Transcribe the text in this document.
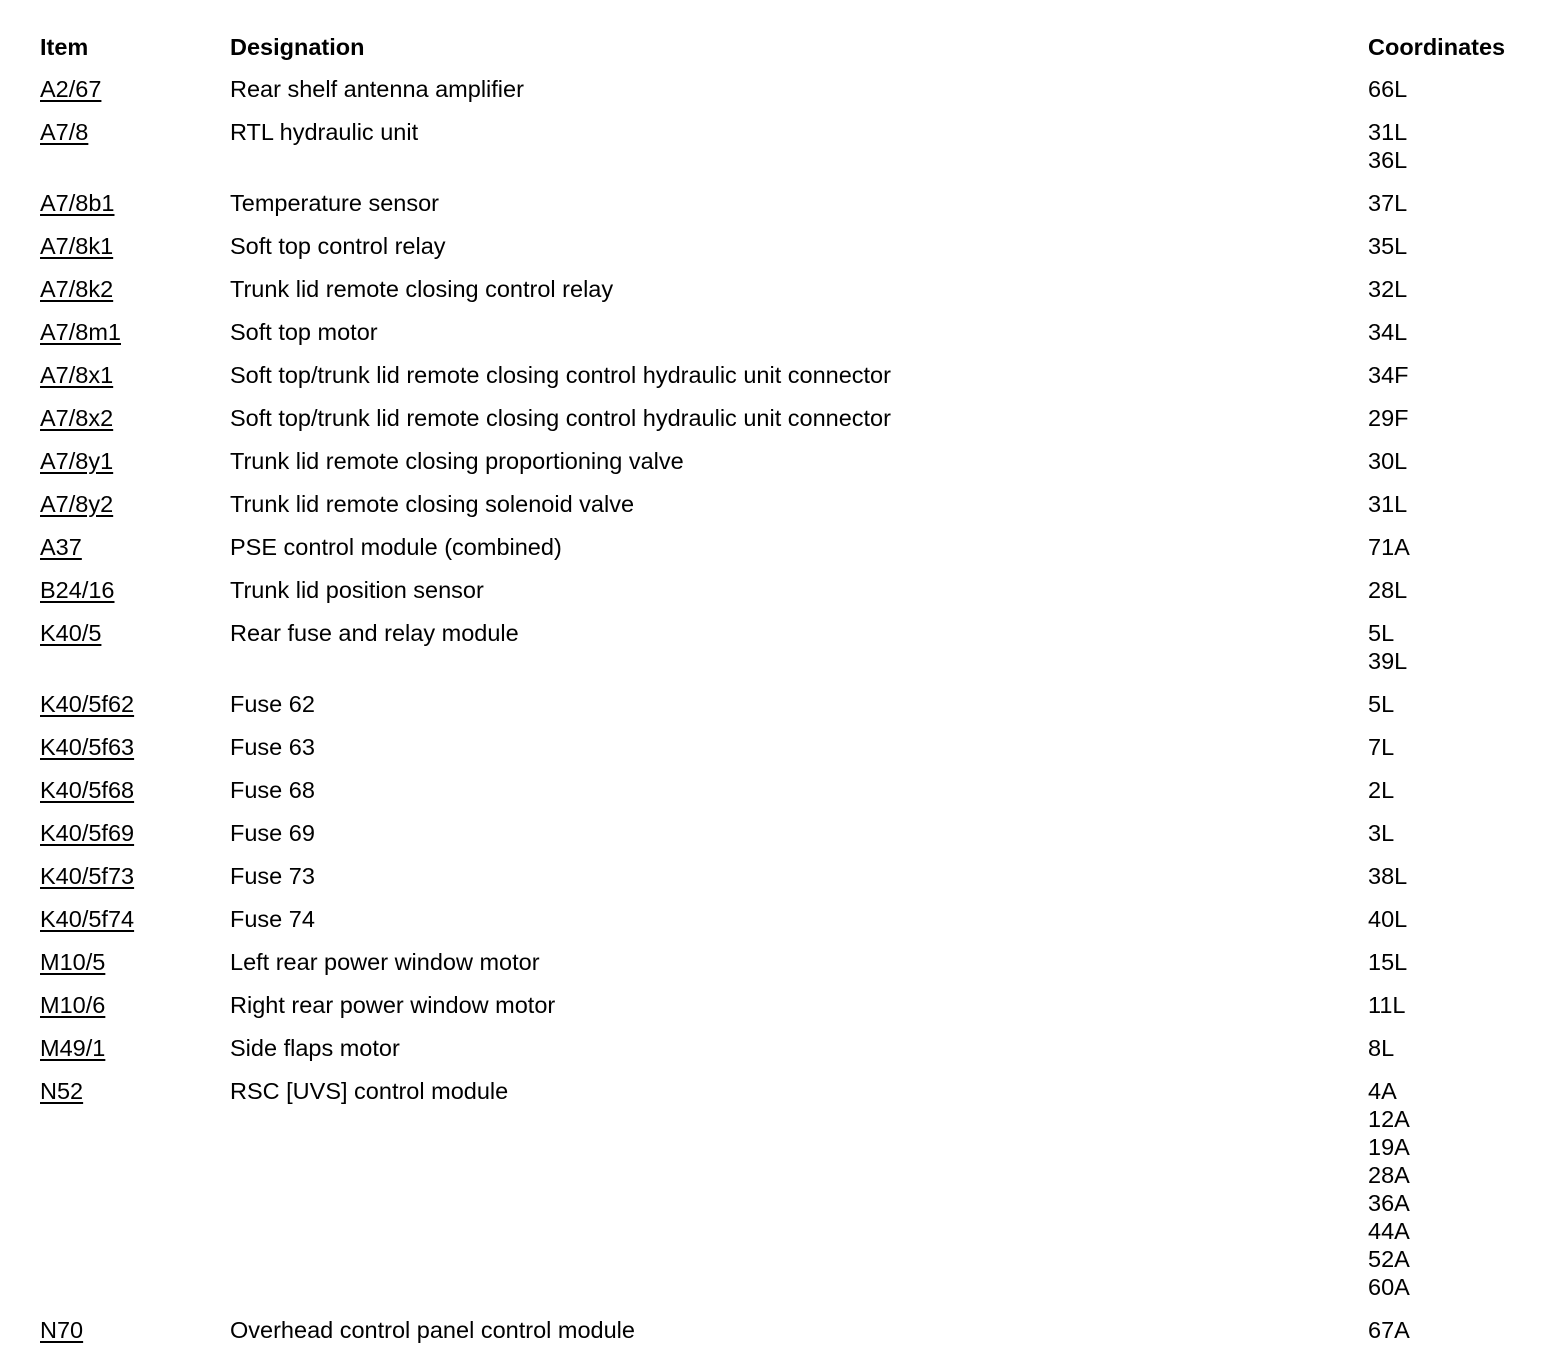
Item	Designation	Coordinates
A2/67	Rear shelf antenna amplifier	66L
A7/8	RTL hydraulic unit	31L
36L
A7/8b1	Temperature sensor	37L
A7/8k1	Soft top control relay	35L
A7/8k2	Trunk lid remote closing control relay	32L
A7/8m1	Soft top motor	34L
A7/8x1	Soft top/trunk lid remote closing control hydraulic unit connector	34F
A7/8x2	Soft top/trunk lid remote closing control hydraulic unit connector	29F
A7/8y1	Trunk lid remote closing proportioning valve	30L
A7/8y2	Trunk lid remote closing solenoid valve	31L
A37	PSE control module (combined)	71A
B24/16	Trunk lid position sensor	28L
K40/5	Rear fuse and relay module	5L
39L
K40/5f62	Fuse 62	5L
K40/5f63	Fuse 63	7L
K40/5f68	Fuse 68	2L
K40/5f69	Fuse 69	3L
K40/5f73	Fuse 73	38L
K40/5f74	Fuse 74	40L
M10/5	Left rear power window motor	15L
M10/6	Right rear power window motor	11L
M49/1	Side flaps motor	8L
N52	RSC [UVS] control module	4A
12A
19A
28A
36A
44A
52A
60A
N70	Overhead control panel control module	67A
